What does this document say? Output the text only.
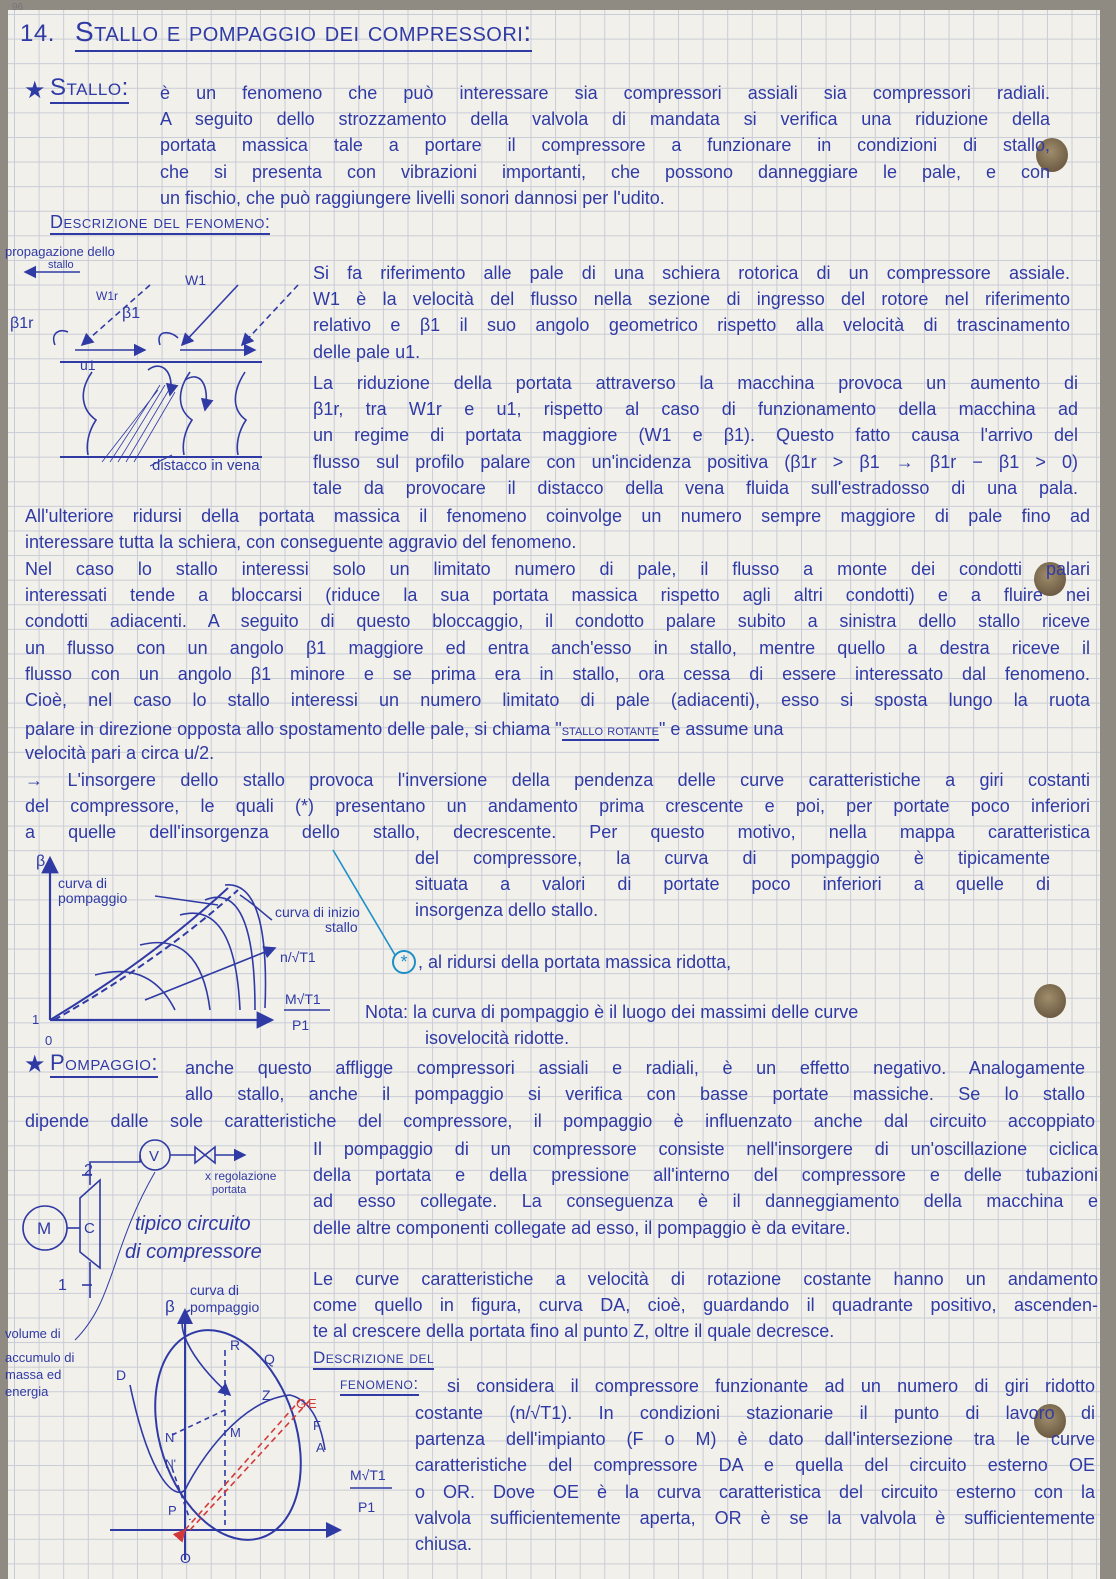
96
14. Stallo e pompaggio dei compressori:
★ Stallo: è un fenomeno che può interessare sia compressori assiali sia compressori radiali.
A seguito dello strozzamento della valvola di mandata si verifica una riduzione della
portata massica tale a portare il compressore a funzionare in condizioni di stallo,
che si presenta con vibrazioni importanti, che possono danneggiare le pale, e con
un fischio, che può raggiungere livelli sonori dannosi per l'udito.
Descrizione del fenomeno:
Si fa riferimento alle pale di una schiera rotorica di un compressore assiale.
W1 è la velocità del flusso nella sezione di ingresso del rotore nel riferimento
relativo e β1 il suo angolo geometrico rispetto alla velocità di trascinamento
delle pale u1.
La riduzione della portata attraverso la macchina provoca un aumento di
β1r, tra W1r e u1, rispetto al caso di funzionamento della macchina ad
un regime di portata maggiore (W1 e β1). Questo fatto causa l'arrivo del
flusso sul profilo palare con un'incidenza positiva (β1r > β1 → β1r − β1 > 0)
tale da provocare il distacco della vena fluida sull'estradosso di una pala.
All'ulteriore ridursi della portata massica il fenomeno coinvolge un numero sempre maggiore di pale fino ad
interessare tutta la schiera, con conseguente aggravio del fenomeno.
Nel caso lo stallo interessi solo un limitato numero di pale, il flusso a monte dei condotti palari
interessati tende a bloccarsi (riduce la sua portata massica rispetto agli altri condotti) e a fluire nei
condotti adiacenti. A seguito di questo bloccaggio, il condotto palare subito a sinistra dello stallo riceve
un flusso con un angolo β1 maggiore ed entra anch'esso in stallo, mentre quello a destra riceve il
flusso con un angolo β1 minore e se prima era in stallo, ora cessa di essere interessato dal fenomeno.
Cioè, nel caso lo stallo interessi un numero limitato di pale (adiacenti), esso si sposta lungo la ruota
palare in direzione opposta allo spostamento delle pale, si chiama "stallo rotante" e assume una
velocità pari a circa u/2.
→ L'insorgere dello stallo provoca l'inversione della pendenza delle curve caratteristiche a giri costanti
del compressore, le quali (*) presentano un andamento prima crescente e poi, per portate poco inferiori
a quelle dell'insorgenza dello stallo, decrescente. Per questo motivo, nella mappa caratteristica
del compressore, la curva di pompaggio è tipicamente
situata a valori di portate poco inferiori a quelle di
insorgenza dello stallo.
* , al ridursi della portata massica ridotta,
Nota: la curva di pompaggio è il luogo dei massimi delle curve
isovelocità ridotte.
★ Pompaggio: anche questo affligge compressori assiali e radiali, è un effetto negativo. Analogamente
allo stallo, anche il pompaggio si verifica con basse portate massiche. Se lo stallo
dipende dalle sole caratteristiche del compressore, il pompaggio è influenzato anche dal circuito accoppiato
Il pompaggio di un compressore consiste nell'insorgere di un'oscillazione ciclica
della portata e della pressione all'interno del compressore e delle tubazioni
ad esso collegate. La conseguenza è il danneggiamento della macchina e
delle altre componenti collegate ad esso, il pompaggio è da evitare.
Le curve caratteristiche a velocità di rotazione costante hanno un andamento
come quello in figura, curva DA, cioè, guardando il quadrante positivo, ascenden-
te al crescere della portata fino al punto Z, oltre il quale decresce.
Descrizione del
fenomeno: si considera il compressore funzionante ad un numero di giri ridotto
costante (n/√T1). In condizioni stazionarie il punto di lavoro di
partenza dell'impianto (F o M) è dato dall'intersezione tra le curve
caratteristiche del compressore DA e quella del circuito esterno OE
o OR. Dove OE è la curva caratteristica del circuito esterno con la
valvola sufficientemente aperta, OR è se la valvola è sufficientemente
chiusa.
propagazione dello
stallo
W1r
W1
β1
β1r
u1
distacco in vena
β
curva di
pompaggio
curva di inizio
stallo
n/√T1
M√T1
P1
1
0
2
V
M C
1
x regolazione
portata
tipico circuito
di compressore
volume di
accumulo di
massa ed
energia
β
curva di
pompaggio
R
Q
D
Z
G E
F
A
M
N
N'
P
O
M√T1
P1
